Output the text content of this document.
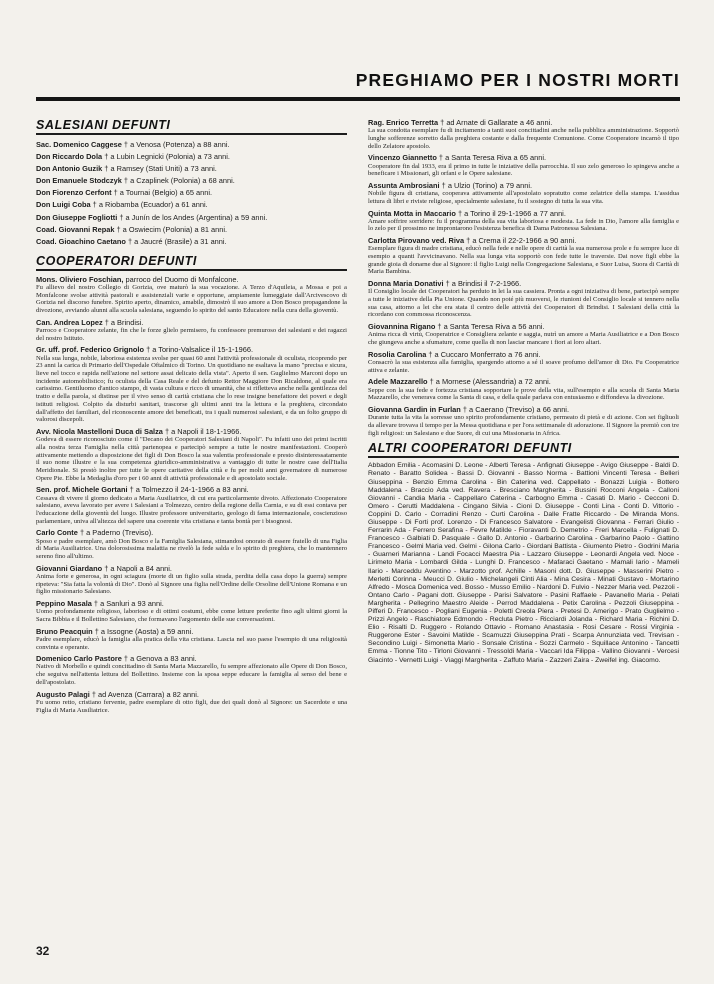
PREGHIAMO PER I NOSTRI MORTI
SALESIANI DEFUNTI
Sac. Domenico Caggese † a Venosa (Potenza) a 88 anni.
Don Riccardo Dola † a Lubin Legnicki (Polonia) a 73 anni.
Don Antonio Guzik † a Ramsey (Stati Uniti) a 73 anni.
Don Emanuele Stodczyk † a Czaplinek (Polonia) a 68 anni.
Don Fiorenzo Cerfont † a Tournai (Belgio) a 65 anni.
Don Luigi Coba † a Riobamba (Ecuador) a 61 anni.
Don Giuseppe Fogliotti † a Junín de los Andes (Argentina) a 59 anni.
Coad. Giovanni Repak † a Oswiecim (Polonia) a 81 anni.
Coad. Gioachino Caetano † a Jaucré (Brasile) a 31 anni.
COOPERATORI DEFUNTI
Mons. Oliviero Foschian, parroco del Duomo di Monfalcone.

Fu allievo del nostro Collegio di Gorizia, ove maturò la sua vocazione. A Terzo d'Aquileia, a Mossa e poi a Monfalcone svolse attività pastorali e assistenziali varie e opportune, ampiamente lumeggiate dall'Arcivescovo di Gorizia nel discorso funebre. Spirito aperto, dinamico, amabile, dimostrò il suo amore a Don Bosco propagandone la divozione, avviando alunni alla scuola salesiana, seguendo lo spirito del santo Educatore nella cura della gioventù.

Can. Andrea Lopez † a Brindisi.

Parroco e Cooperatore zelante, fin che le forze glielo permisero, fu confessore premuroso dei salesiani e dei ragazzi del nostro Istituto.

Gr. uff. prof. Federico Grignolo † a Torino-Valsalice il 15-1-1966.

Nella sua lunga, nobile, laboriosa esistenza svolse per quasi 60 anni l'attività professionale di oculista, ricoprendo per 23 anni la carica di Primario dell'Ospedale Oftalmico di Torino. Un quotidiano ne esaltava la mano "precisa e sicura, lieve nel tocco e rapida nell'azione nel settore assai delicato della vista". Aperto il sen. Guglielmo Marconi dopo un incidente automobilistico; fu oculista della Casa Reale e del defunto Rettor Maggiore Don Ricaldone, al quale era carissimo. Gentiluomo d'antico stampo, di vasta cultura e ricco di umanità, che si rifletteva anche nella gentilezza del tratto e della parola, si distinse per il vivo senso di carità cristiana che lo rese insigne benefattore dei poveri e degli istituti religiosi. Colpito da disturbi sanitari, trascorse gli ultimi anni tra la lettura e la preghiera, circondato dall'affetto dei familiari, del riconoscente amore dei beneficati, tra i quali numerosi salesiani, e da un folto gruppo di valorosi discepoli.

Avv. Nicola Mastelloni Duca di Salza † a Napoli il 18-1-1966.

Godeva di essere riconosciuto come il "Decano dei Cooperatori Salesiani di Napoli". Fu infatti uno dei primi iscritti alla nostra terza Famiglia nella città partenopea e partecipò sempre a tutte le nostre manifestazioni. Cooperò attivamente mettendo a disposizione dei figli di Don Bosco la sua valentia professionale e presto disinteressatamente il suo nome illustre e la sua competenza giuridico-amministrativa a vantaggio di tutte le nostre case dell'Italia Meridionale. Si prestò inoltre per tutte le opere caritative della città e fu per molti anni governatore di numerose Opere Pie. Ebbe la Medaglia d'oro per i 60 anni di attività professionale e di apostolato sociale.

Sen. prof. Michele Gortani † a Tolmezzo il 24-1-1966 a 83 anni.

Cessava di vivere il giorno dedicato a Maria Ausiliatrice, di cui era particolarmente divoto. Affezionato Cooperatore salesiano, aveva lavorato per avere i Salesiani a Tolmezzo, centro della regione della Carnia, e su di essi contava per l'educazione della gioventù del luogo. Illustre professore universitario, geologo di fama internazionale, coscienzioso parlamentare, univa all'altezza del sapere una coerente vita cristiana e tanta bontà per i bisognosi.

Carlo Conte † a Paderno (Treviso).

Sposo e padre esemplare, amò Don Bosco e la Famiglia Salesiana, stimandosi onorato di essere fratello di una Figlia di Maria Ausiliatrice. Una dolorosissima malattia ne rivelò la fede salda e lo spirito di preghiera, che lo mantennero sereno fino all'ultimo.

Giovanni Giardano † a Napoli a 84 anni.

Anima forte e generosa, in ogni sciagura (morte di un figlio sulla strada, perdita della casa dopo la guerra) sempre ripeteva: "Sia fatta la volontà di Dio". Donò al Signore una figlia nell'Ordine delle Orsoline dell'Unione Romana e un figlio missionario Salesiano.

Peppino Masala † a Sanluri a 93 anni.

Uomo profondamente religioso, laborioso e di ottimi costumi, ebbe come letture preferite fino agli ultimi giorni la Sacra Bibbia e il Bollettino Salesiano, che formavano l'argomento delle sue conversazioni.

Bruno Peacquin † a Issogne (Aosta) a 59 anni.

Padre esemplare, educò la famiglia alla pratica della vita cristiana. Lascia nel suo paese l'esempio di una religiosità convinta e operante.

Domenico Carlo Pastore † a Genova a 83 anni.

Nativo di Morbello e quindi concittadino di Santa Maria Mazzarello, fu sempre affezionato alle Opere di Don Bosco, che seguiva nell'attenta lettura del Bollettino. Insieme con la sposa seppe educare la famiglia al senso del bene e dell'apostolato.

Augusto Palagi † ad Avenza (Carrara) a 82 anni.

Fu uomo retto, cristiano fervente, padre esemplare di otto figli, due dei quali donò al Signore: un Sacerdote e una Figlia di Maria Ausiliatrice.

Rag. Enrico Terretta † ad Arnate di Gallarate a 46 anni.

La sua condotta esemplare fu di incitamento a tanti suoi concittadini anche nella pubblica amministrazione. Sopportò lunghe sofferenze sorretto dalla preghiera costante e dalla frequente Comunione. Come Cooperatore incarnò il tipo dello Zelatore apostolo.

Vincenzo Giannetto † a Santa Teresa Riva a 65 anni.

Cooperatore fin dal 1933, era il primo in tutte le iniziative della parrocchia. Il suo zelo generoso lo spingeva anche a beneficare i Missionari, gli orfani e le Opere salesiane.

Assunta Ambrosiani † a Ulzio (Torino) a 79 anni.

Nobile figura di cristiana, cooperava attivamente all'apostolato sopratutto come zelatrice della stampa. L'assidua lettura di libri e riviste religiose, specialmente salesiane, fu il sostegno di tutta la sua vita.

Quinta Motta in Maccario † a Torino il 29-1-1966 a 77 anni.

Amare soffrire sorridere: fu il programma della sua vita laboriosa e modesta. La fede in Dio, l'amore alla famiglia e lo zelo per il prossimo ne improntarono l'esistenza benefica di Dama Patronessa Salesiana.

Carlotta Pirovano ved. Riva † a Crema il 22-2-1966 a 90 anni.

Esemplare figura di madre cristiana, educò nella fede e nelle opere di carità la sua numerosa prole e fu sempre luce di esempio a quanti l'avvicinavano. Nella sua lunga vita sopportò con fede tutte le traversie. Dai nove figli ebbe la grande gioia di donarne due al Signore: il figlio Luigi nella Congregazione Salesiana, e Suor Luisa, Suora di Carità di Maria Bambina.

Donna Maria Donativi † a Brindisi il 7-2-1966.

Il Consiglio locale dei Cooperatori ha perduto in lei la sua cassiera. Pronta a ogni iniziativa di bene, partecipò sempre a tutte le iniziative della Pia Unione. Quando non poté più muoversi, le riunioni del Consiglio locale si tennero nella sua casa, attorno a lei che era stata il centro delle attività dei Cooperatori di Brindisi. I Salesiani della città la ricordano con commossa riconoscenza.

Giovannina Rigano † a Santa Teresa Riva a 56 anni.

Anima ricca di virtù, Cooperatrice e Consigliera zelante e saggia, nutrì un amore a Maria Ausiliatrice e a Don Bosco che giungeva anche a sfumature, come quella di non lasciar mancare i fiori ai loro altari.

Rosolia Carolina † a Cuccaro Monferrato a 76 anni.

Consacrò la sua esistenza alla famiglia, spargendo attorno a sé il soave profumo dell'amor di Dio. Fu Cooperatrice attiva e zelante.

Adele Mazzarello † a Mornese (Alessandria) a 72 anni.

Seppe con la sua fede e fortezza cristiana sopportare le prove della vita, sull'esempio e alla scuola di Santa Maria Mazzarello, che venerava come la Santa di casa, e della quale parlava con entusiasmo e diffondeva la divozione.

Giovanna Gardin in Furlan † a Caerano (Treviso) a 66 anni.

Durante tutta la vita la sorresse uno spirito profondamente cristiano, permeato di pietà e di azione. Con sei figliuoli da allevare trovava il tempo per la Messa quotidiana e per l'ora settimanale di adorazione. Il Signore la premiò con tre figli religiosi: un Salesiano e due Suore, di cui una Missionaria in Africa.

ALTRI COOPERATORI DEFUNTI

Abbadon Emilia - Acomasini D. Leone - Alberti Teresa - Anfignati Giuseppe - Avigo Giuseppe - Baldi D. Renato - Baratto Solidea - Bassi D. Giovanni - Basso Norma - Battioni Vincenti Teresa - Belleri Giuseppina - Benzio Emma Carolina - Bin Caterina ved. Cappellato - Bonazzi Luigia - Bottero Maddalena - Braccio Ada ved. Ravera - Bresciano Margherita - Bussini Rocconi Angela - Calloni Giovanni - Candia Maria - Cappellaro Caterina - Carbogno Emma - Casati D. Mario - Cecconi D. Omero - Cerutti Maddalena - Cingano Silvia - Cioni D. Giuseppe - Conti Lina - Conti D. Vittorio - Coppini D. Carlo - Corradini Renzo - Curti Carolina - Dalle Fratte Riccardo - De Miranda Mons. Giuseppe - Di Forti prof. Lorenzo - Di Francesco Salvatore - Evangelisti Giovanna - Ferrari Giulio - Ferrarin Ada - Ferrero Serafina - Fevre Matilde - Fioravanti D. Demetrio - Freri Marcella - Fulignati D. Francesco - Galbiati D. Pasquale - Gallo D. Antonio - Garbarino Carolina - Garbarino Paolo - Gattino Francesco - Gelmi Maria ved. Gelmi - Gilona Carlo - Giordani Battista - Giumento Pietro - Godrini Maria - Guarneri Marianna - Landi Focacci Maestra Pia - Lazzaro Giuseppe - Leonardi Angela ved. Noce - Lirimeto Maria - Lombardi Gilda - Lunghi D. Francesco - Mafaraci Gaetano - Mamali Iario - Mameli Ilario - Marceddu Aventino - Marzotto prof. Achille - Masoni dott. D. Giuseppe - Masserini Pietro - Merletti Corinna - Meucci D. Giulio - Michelangeli Cinti Alia - Mina Cesira - Minati Gustavo - Mortarino Alfredo - Mosca Domenica ved. Bosso - Musso Emilio - Nardoni D. Fulvio - Nezzer Maria ved. Pezzoli - Ontano Carlo - Pagani dott. Giuseppe - Parisi Salvatore - Pasini Raffaele - Pavanello Maria - Pelati Margherita - Pellegrino Maestro Aleide - Perrod Maddalena - Petix Carolina - Pezzoli Giuseppina - Pifferi D. Francesco - Pogliani Eugenia - Poletti Creola Piera - Pretesi D. Amerigo - Prato Guglielmo - Prizzi Angelo - Raschiatore Edmondo - Recluta Pietro - Ricciardi Jolanda - Richard Maria - Richini D. Elio - Risalti D. Ruggero - Rolando Ottavio - Romano Anastasia - Rosi Cesare - Rossi Virginia - Ruggerone Ester - Savoini Matilde - Scamuzzi Giuseppina Prati - Scarpa Annunziata ved. Trevisan - Secondino Luigi - Simonetta Mario - Sonsale Cristina - Sozzi Carmelo - Squillace Antonino - Tancetti Emma - Tionne Tito - Tirloni Giovanni - Tressoldi Maria - Vaccari Ida Filippa - Vallino Giovanni - Vercesi Giacinto - Vernetti Luigi - Viaggi Margherita - Zaffuto Maria - Zazzeri Zaira - Zweifel ing. Giacomo.

32
